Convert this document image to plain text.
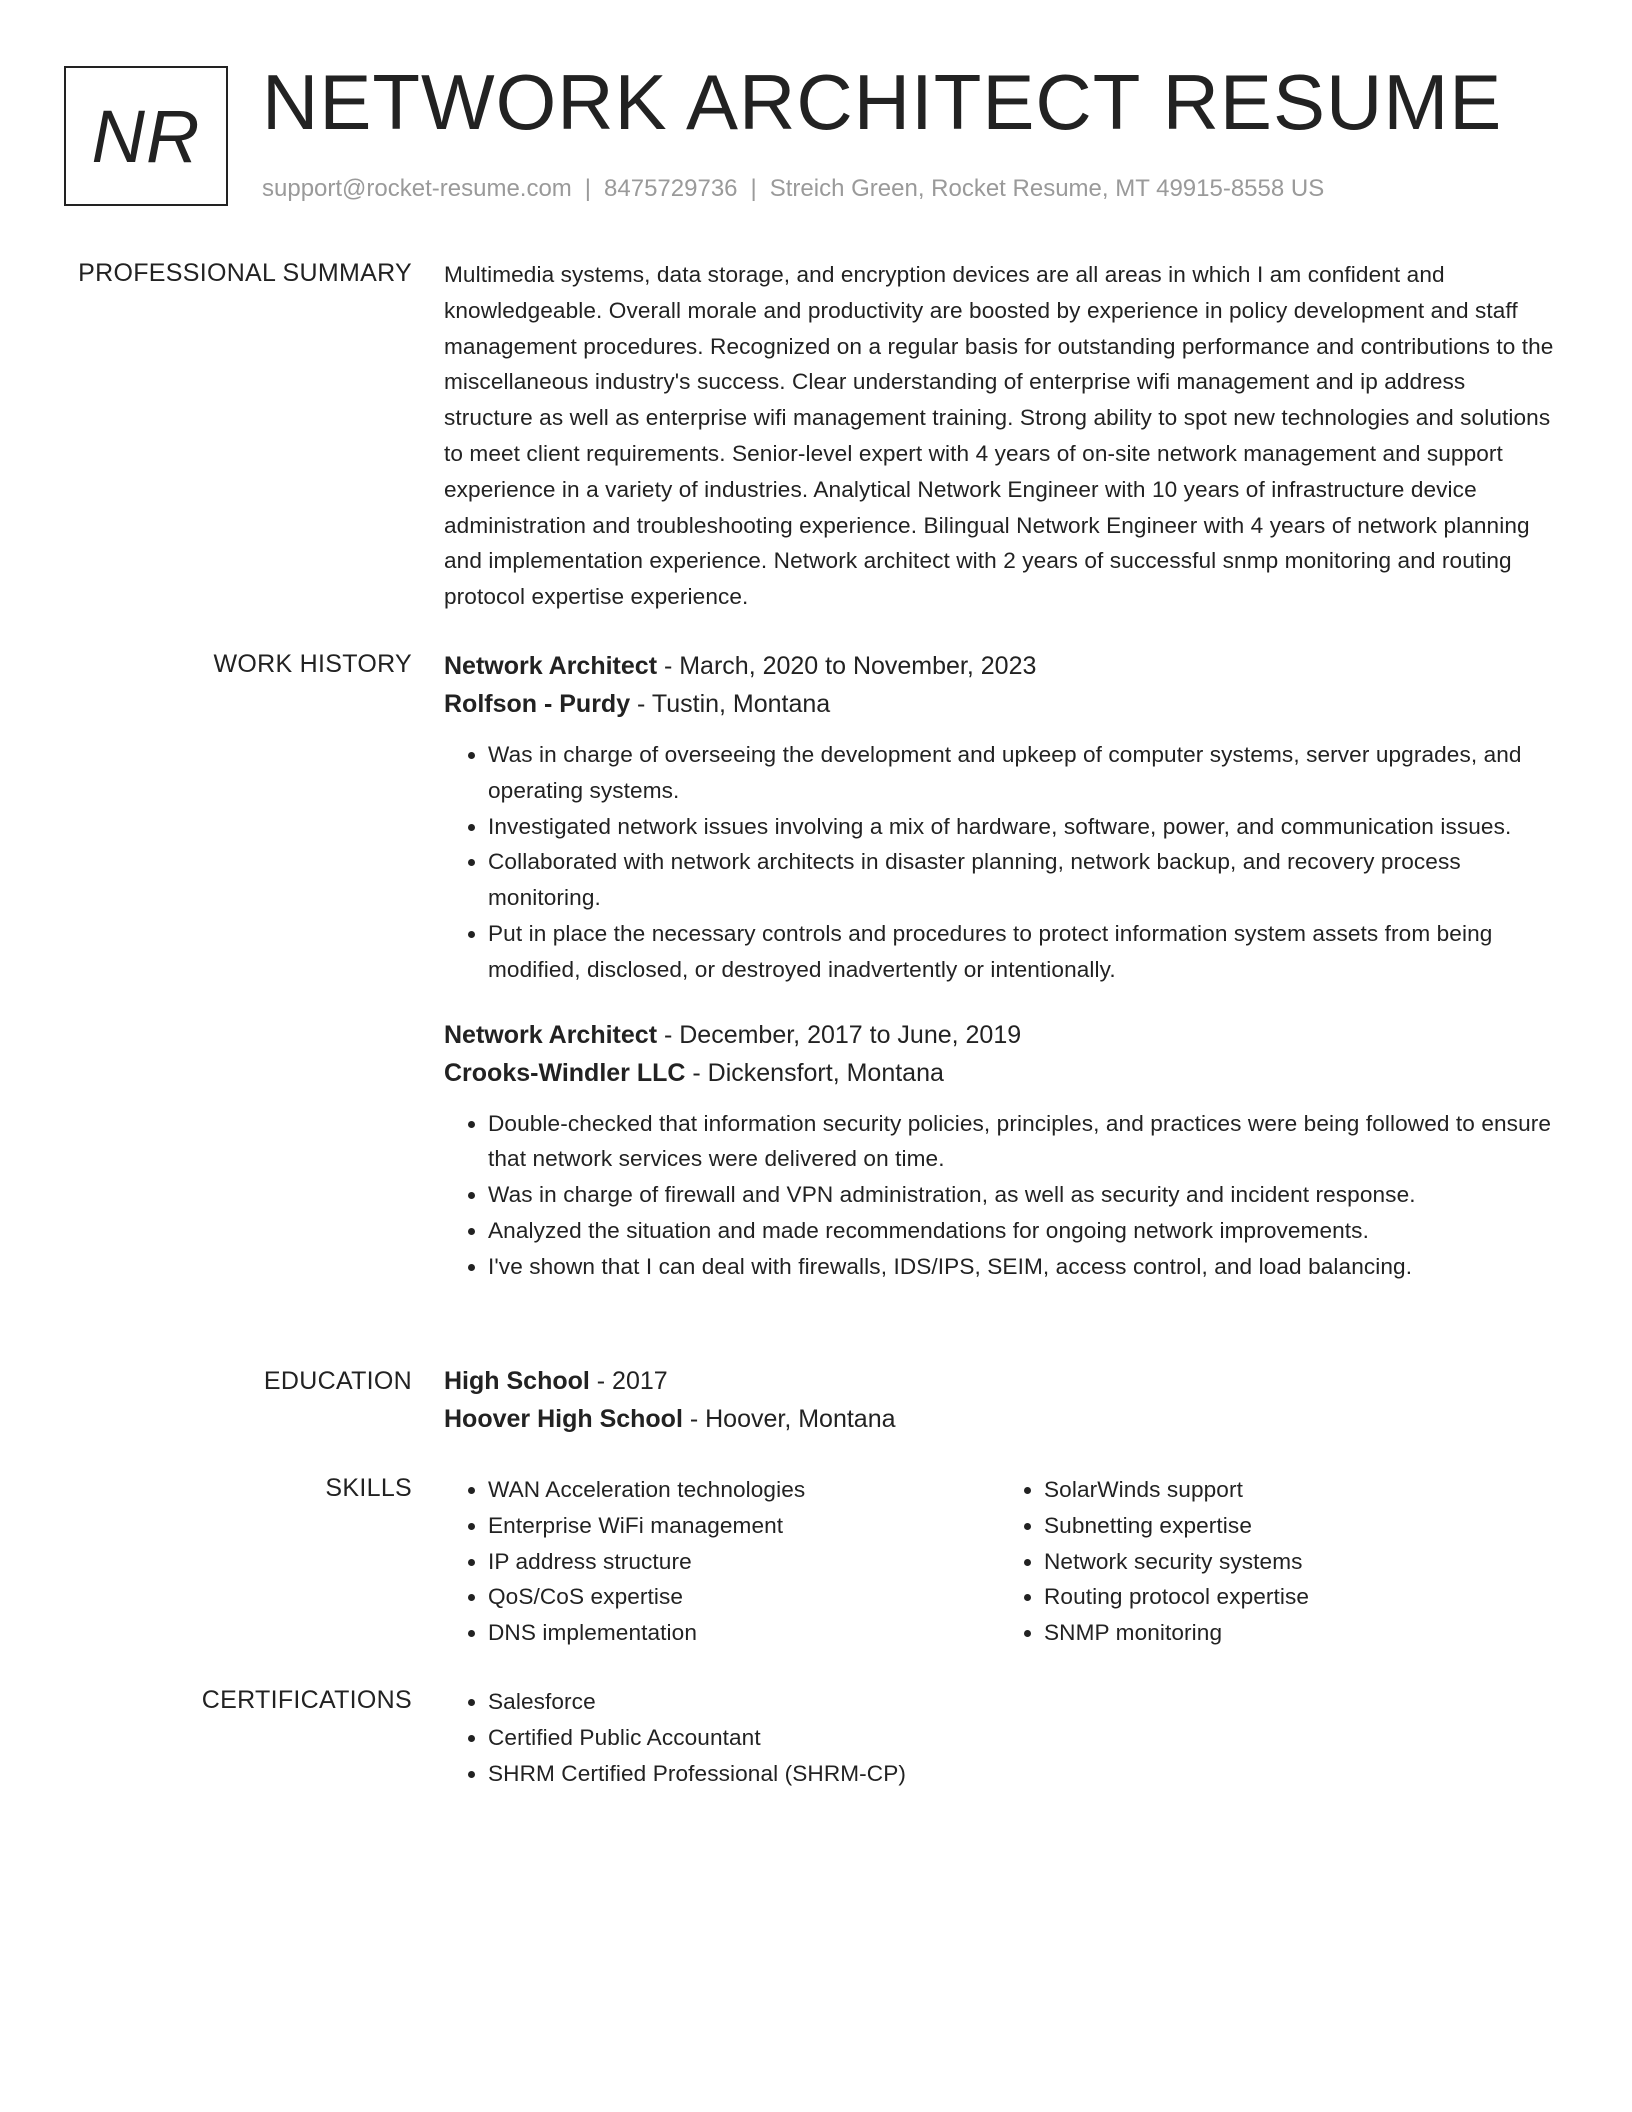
NR NETWORK ARCHITECT RESUME
support@rocket-resume.com | 8475729736 | Streich Green, Rocket Resume, MT 49915-8558 US
PROFESSIONAL SUMMARY Multimedia systems, data storage, and encryption devices are all areas in which I am confident and knowledgeable. Overall morale and productivity are boosted by experience in policy development and staff management procedures. Recognized on a regular basis for outstanding performance and contributions to the miscellaneous industry's success. Clear understanding of enterprise wifi management and ip address structure as well as enterprise wifi management training. Strong ability to spot new technologies and solutions to meet client requirements. Senior-level expert with 4 years of on-site network management and support experience in a variety of industries. Analytical Network Engineer with 10 years of infrastructure device administration and troubleshooting experience. Bilingual Network Engineer with 4 years of network planning and implementation experience. Network architect with 2 years of successful snmp monitoring and routing protocol expertise experience.

WORK HISTORY Network Architect - March, 2020 to November, 2023
Rolfson - Purdy - Tustin, Montana
• Was in charge of overseeing the development and upkeep of computer systems, server upgrades, and operating systems.
• Investigated network issues involving a mix of hardware, software, power, and communication issues.
• Collaborated with network architects in disaster planning, network backup, and recovery process monitoring.
• Put in place the necessary controls and procedures to protect information system assets from being modified, disclosed, or destroyed inadvertently or intentionally.
Network Architect - December, 2017 to June, 2019
Crooks-Windler LLC - Dickensfort, Montana
• Double-checked that information security policies, principles, and practices were being followed to ensure that network services were delivered on time.
• Was in charge of firewall and VPN administration, as well as security and incident response.
• Analyzed the situation and made recommendations for ongoing network improvements.
• I've shown that I can deal with firewalls, IDS/IPS, SEIM, access control, and load balancing.
EDUCATION High School - 2017
Hoover High School - Hoover, Montana
SKILLS	• WAN Acceleration technologies
• Enterprise WiFi management
• IP address structure
• QoS/CoS expertise
• DNS implementation
• SolarWinds support
• Subnetting expertise
• Network security systems
• Routing protocol expertise
• SNMP monitoring
CERTIFICATIONS	• Salesforce
• Certified Public Accountant
• SHRM Certified Professional (SHRM-CP)
